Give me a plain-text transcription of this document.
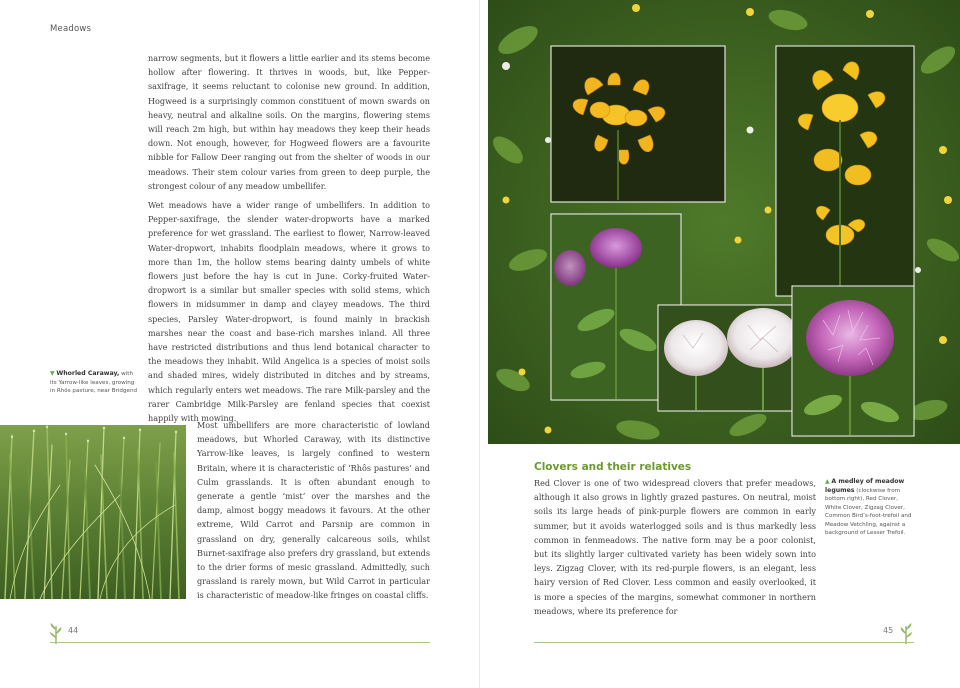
Meadows

narrow segments, but it flowers a little earlier and its stems become hollow after flowering. It thrives in woods, but, like Pepper-saxifrage, it seems reluctant to colonise new ground. In addition, Hogweed is a surprisingly common constituent of mown swards on heavy, neutral and alkaline soils. On the margins, flowering stems will reach 2m high, but within hay meadows they keep their heads down. Not enough, however, for Hogweed flowers are a favourite nibble for Fallow Deer ranging out from the shelter of woods in our meadows. Their stem colour varies from green to deep purple, the strongest colour of any meadow umbellifer.

Wet meadows have a wider range of umbellifers. In addition to Pepper-saxifrage, the slender water-dropworts have a marked preference for wet grassland. The earliest to flower, Narrow-leaved Water-dropwort, inhabits floodplain meadows, where it grows to more than 1m, the hollow stems bearing dainty umbels of white flowers just before the hay is cut in June. Corky-fruited Water-dropwort is a similar but smaller species with solid stems, which flowers in midsummer in damp and clayey meadows. The third species, Parsley Water-dropwort, is found mainly in brackish marshes near the coast and base-rich marshes inland. All three have restricted distributions and thus lend botanical character to the meadows they inhabit. Wild Angelica is a species of moist soils and shaded mires, widely distributed in ditches and by streams, which regularly enters wet meadows. The rare Milk-parsley and the rarer Cambridge Milk-Parsley are fenland species that coexist happily with mowing.

▼ Whorled Caraway, with its Yarrow-like leaves, growing in Rhôs pasture, near Bridgend

Most umbellifers are more characteristic of lowland meadows, but Whorled Caraway, with its distinctive Yarrow-like leaves, is largely confined to western Britain, where it is characteristic of ‘Rhôs pastures’ and Culm grasslands. It is often abundant enough to generate a gentle ‘mist’ over the marshes and the damp, almost boggy meadows it favours. At the other extreme, Wild Carrot and Parsnip are common in grassland on dry, generally calcareous soils, whilst Burnet-saxifrage also prefers dry grassland, but extends to the drier forms of mesic grassland. Admittedly, such grassland is rarely mown, but Wild Carrot in particular is characteristic of meadow-like fringes on coastal cliffs.

44
Clovers and their relatives

Red Clover is one of two widespread clovers that prefer meadows, although it also grows in lightly grazed pastures. On neutral, moist soils its large heads of pink-purple flowers are common in early summer, but it avoids waterlogged soils and is thus markedly less common in fenmeadows. The native form may be a poor colonist, but its slightly larger cultivated variety has been widely sown into leys. Zigzag Clover, with its red-purple flowers, is an elegant, less hairy version of Red Clover. Less common and easily overlooked, it is more a species of the margins, somewhat commoner in northern meadows, where its preference for

▲ A medley of meadow legumes (clockwise from bottom right), Red Clover, White Clover, Zigzag Clover, Common Bird’s-foot-trefoil and Meadow Vetchling, against a background of Lesser Trefoil.
45
